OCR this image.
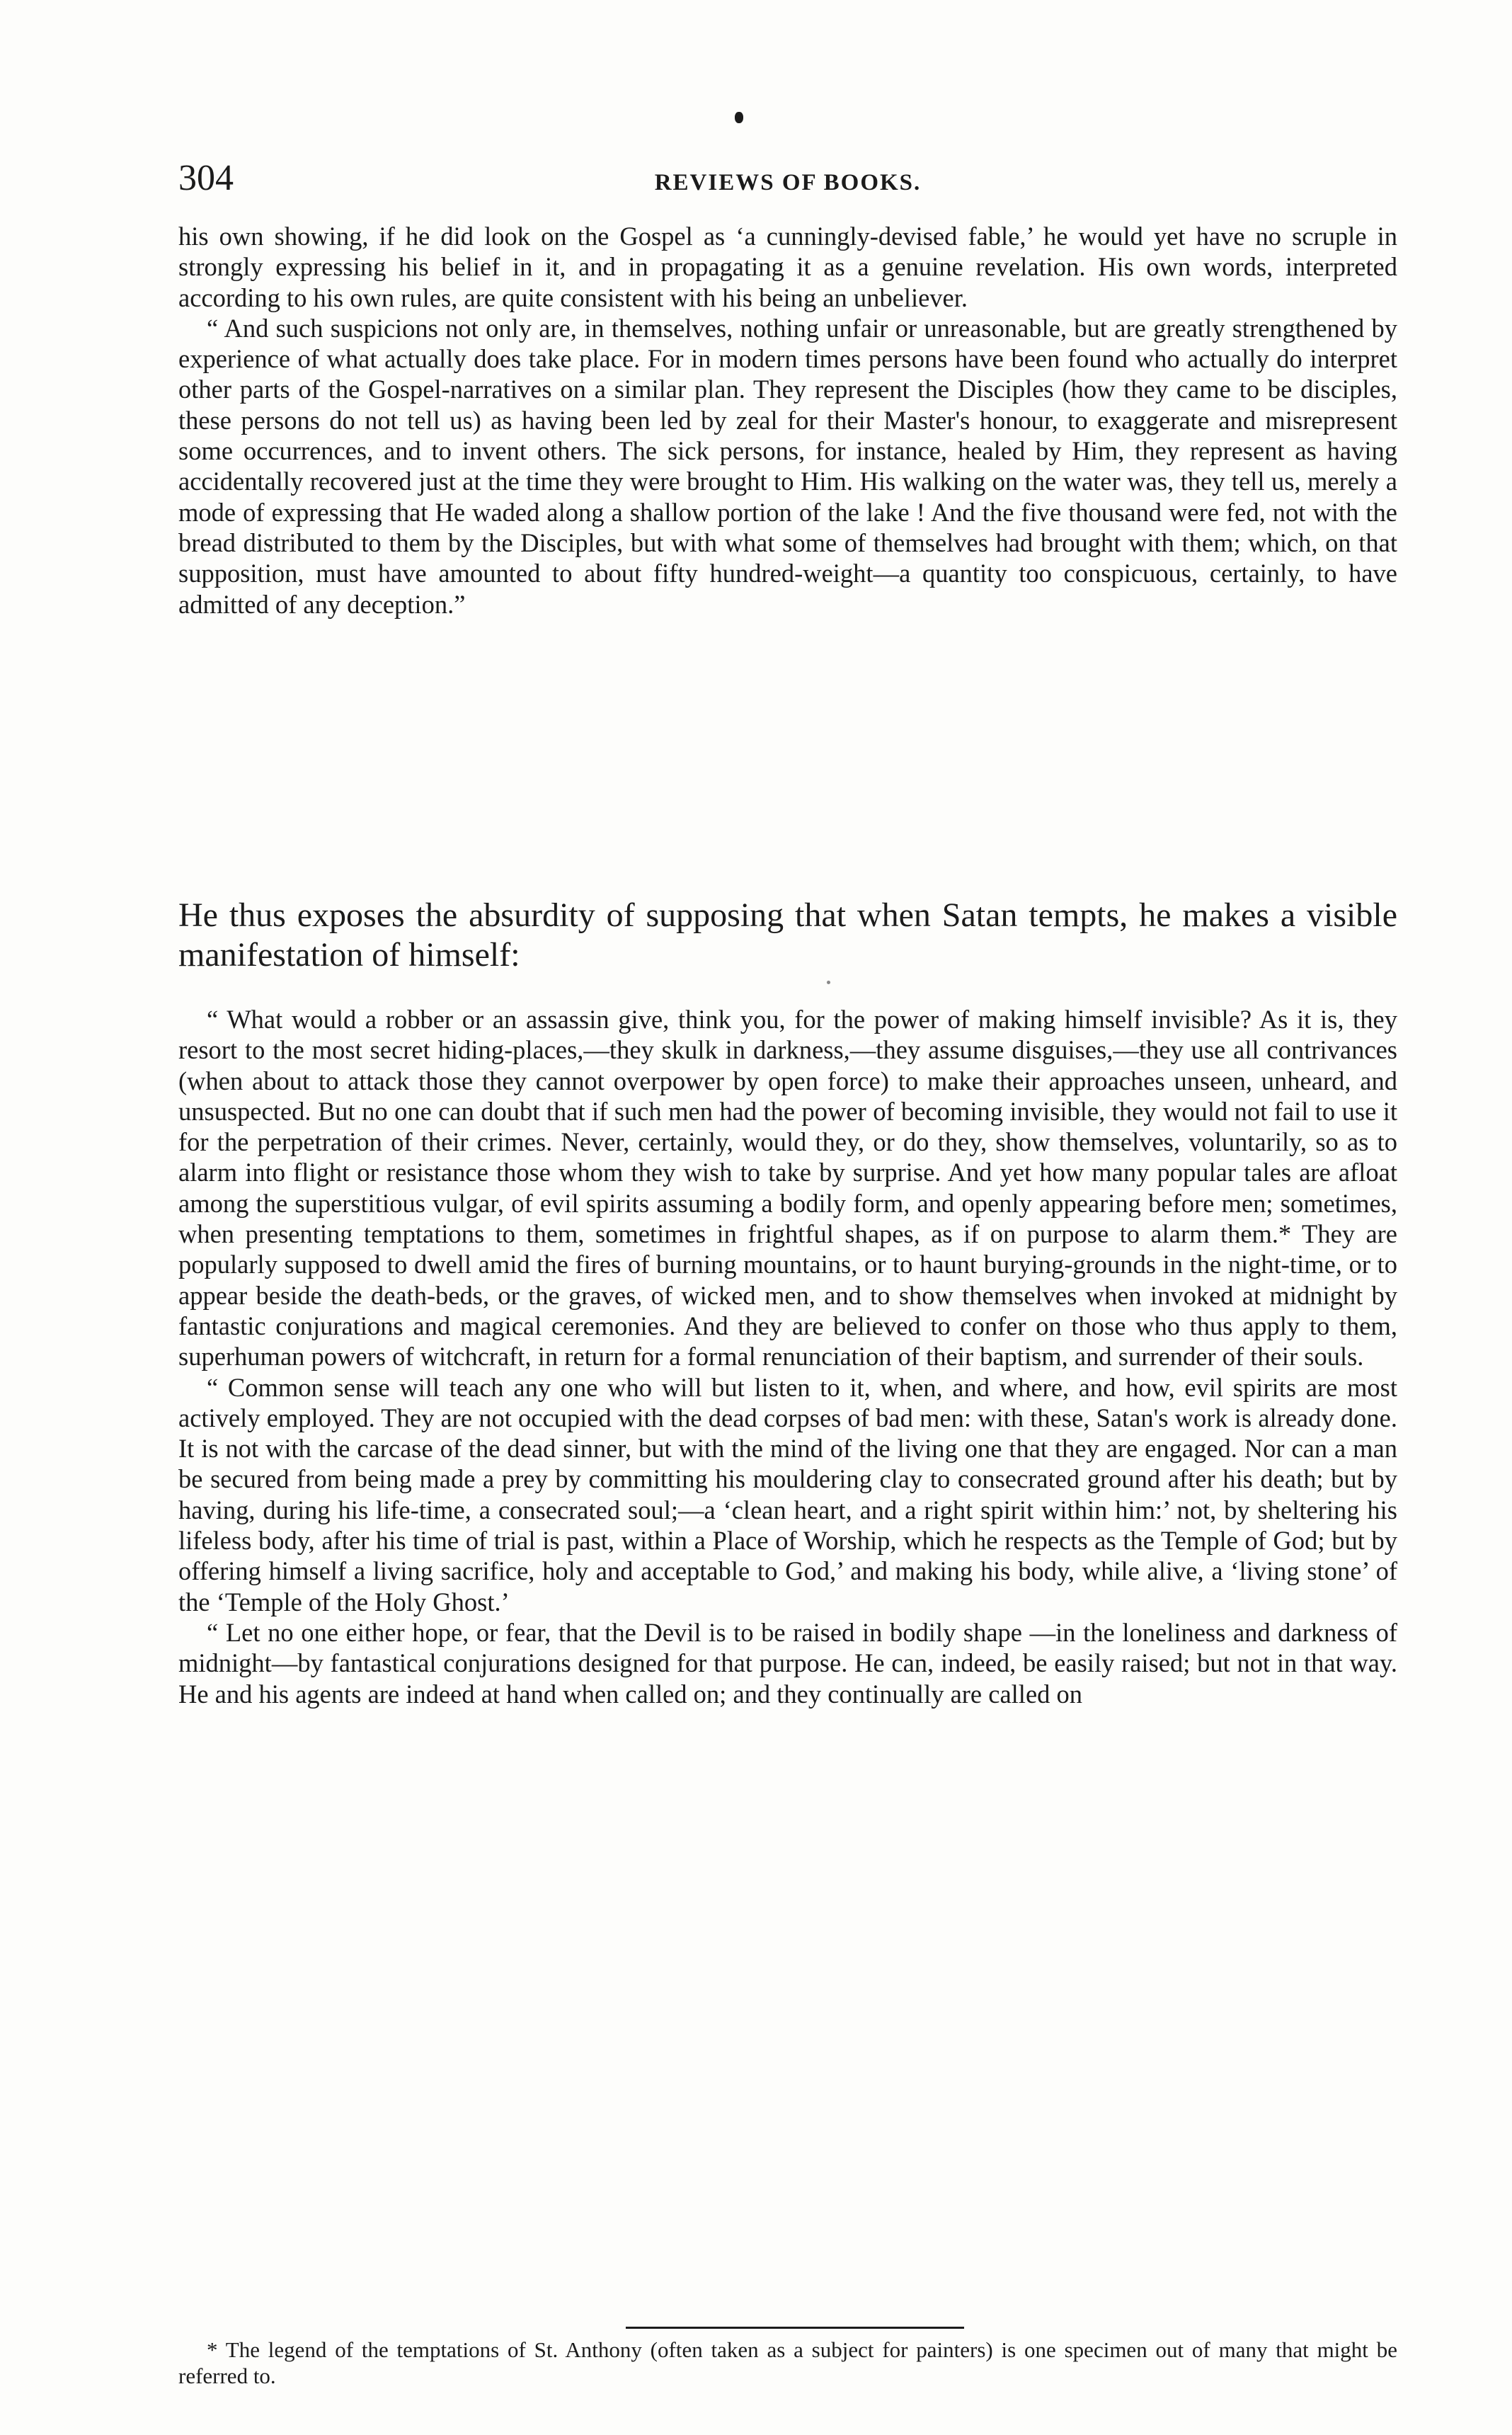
304	REVIEWS OF BOOKS.

his own showing, if he did look on the Gospel as ‘a cunningly-devised fable,’ he would yet have no scruple in strongly expressing his belief in it, and in propagating it as a genuine revelation. His own words, interpreted according to his own rules, are quite consistent with his being an unbeliever.

“ And such suspicions not only are, in themselves, nothing unfair or unreasonable, but are greatly strengthened by experience of what actually does take place. For in modern times persons have been found who actually do interpret other parts of the Gospel-narratives on a similar plan. They represent the Disciples (how they came to be disciples, these persons do not tell us) as having been led by zeal for their Master's honour, to exaggerate and misrepresent some occurrences, and to invent others. The sick persons, for instance, healed by Him, they represent as having accidentally recovered just at the time they were brought to Him. His walking on the water was, they tell us, merely a mode of expressing that He waded along a shallow portion of the lake ! And the five thousand were fed, not with the bread distributed to them by the Disciples, but with what some of themselves had brought with them; which, on that supposition, must have amounted to about fifty hundred-weight—a quantity too conspicuous, certainly, to have admitted of any deception.”

He thus exposes the absurdity of supposing that when Satan tempts, he makes a visible manifestation of himself:

“ What would a robber or an assassin give, think you, for the power of making himself invisible? As it is, they resort to the most secret hiding-places,—they skulk in darkness,—they assume disguises,—they use all contrivances (when about to attack those they cannot overpower by open force) to make their approaches unseen, unheard, and unsuspected. But no one can doubt that if such men had the power of becoming invisible, they would not fail to use it for the perpetration of their crimes. Never, certainly, would they, or do they, show themselves, voluntarily, so as to alarm into flight or resistance those whom they wish to take by surprise. And yet how many popular tales are afloat among the superstitious vulgar, of evil spirits assuming a bodily form, and openly appearing before men; sometimes, when presenting temptations to them, sometimes in frightful shapes, as if on purpose to alarm them.* They are popularly supposed to dwell amid the fires of burning mountains, or to haunt burying-grounds in the night-time, or to appear beside the death-beds, or the graves, of wicked men, and to show themselves when invoked at midnight by fantastic conjurations and magical ceremonies. And they are believed to confer on those who thus apply to them, superhuman powers of witchcraft, in return for a formal renunciation of their baptism, and surrender of their souls.

“ Common sense will teach any one who will but listen to it, when, and where, and how, evil spirits are most actively employed. They are not occupied with the dead corpses of bad men: with these, Satan's work is already done. It is not with the carcase of the dead sinner, but with the mind of the living one that they are engaged. Nor can a man be secured from being made a prey by committing his mouldering clay to consecrated ground after his death; but by having, during his life-time, a consecrated soul;—a ‘clean heart, and a right spirit within him:’ not, by sheltering his lifeless body, after his time of trial is past, within a Place of Worship, which he respects as the Temple of God; but by offering himself a living sacrifice, holy and acceptable to God,’ and making his body, while alive, a ‘living stone’ of the ‘Temple of the Holy Ghost.’

“ Let no one either hope, or fear, that the Devil is to be raised in bodily shape —in the loneliness and darkness of midnight—by fantastical conjurations designed for that purpose. He can, indeed, be easily raised; but not in that way. He and his agents are indeed at hand when called on; and they continually are called on

* The legend of the temptations of St. Anthony (often taken as a subject for painters) is one specimen out of many that might be referred to.
